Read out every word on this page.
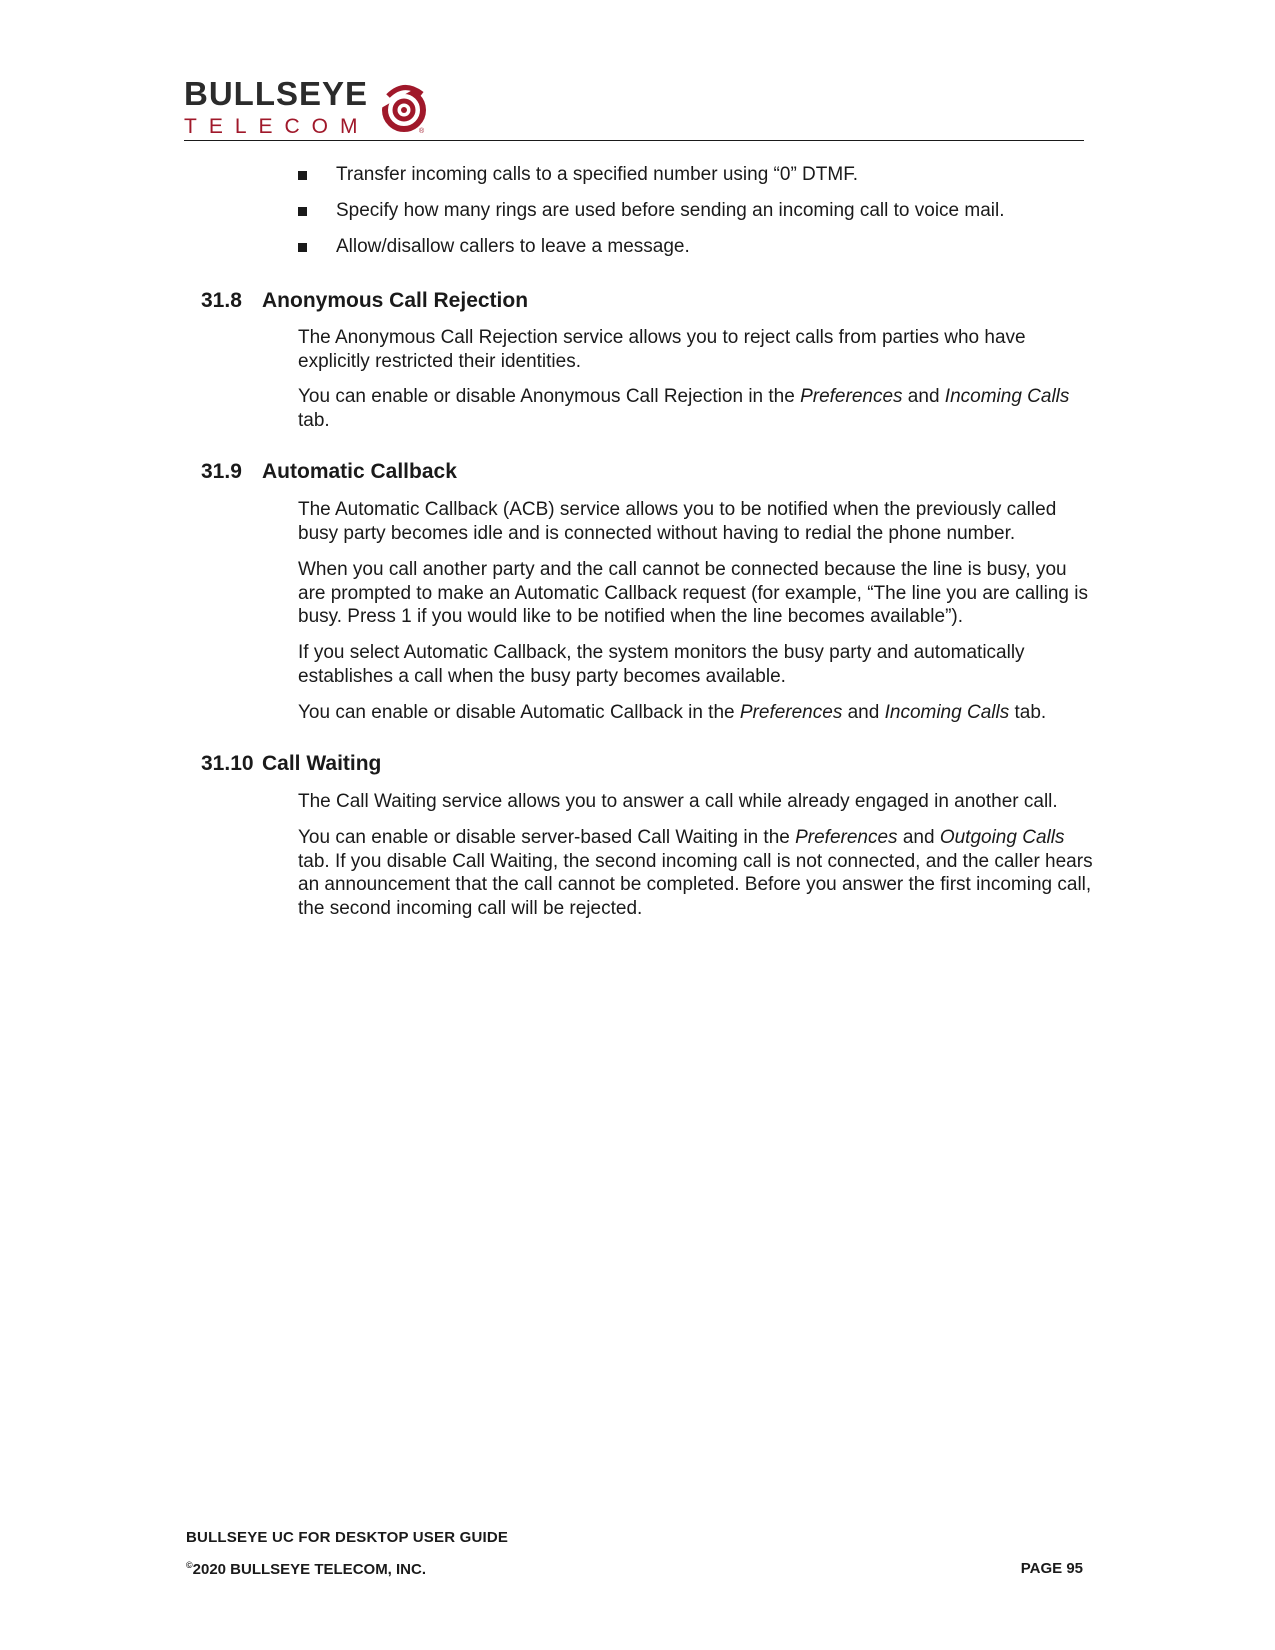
BULLSEYE
TELECOM	®
Transfer incoming calls to a specified number using “0” DTMF.
Specify how many rings are used before sending an incoming call to voice mail.
Allow/disallow callers to leave a message.
31.8 Anonymous Call Rejection

The Anonymous Call Rejection service allows you to reject calls from parties who have explicitly restricted their identities.

You can enable or disable Anonymous Call Rejection in the Preferences and Incoming Calls tab.

31.9 Automatic Callback

The Automatic Callback (ACB) service allows you to be notified when the previously called busy party becomes idle and is connected without having to redial the phone number.

When you call another party and the call cannot be connected because the line is busy, you are prompted to make an Automatic Callback request (for example, “The line you are calling is busy. Press 1 if you would like to be notified when the line becomes available”).

If you select Automatic Callback, the system monitors the busy party and automatically establishes a call when the busy party becomes available.

You can enable or disable Automatic Callback in the Preferences and Incoming Calls tab.

31.10 Call Waiting

The Call Waiting service allows you to answer a call while already engaged in another call.

You can enable or disable server-based Call Waiting in the Preferences and Outgoing Calls tab. If you disable Call Waiting, the second incoming call is not connected, and the caller hears an announcement that the call cannot be completed. Before you answer the first incoming call, the second incoming call will be rejected.

BULLSEYE UC FOR DESKTOP USER GUIDE
©2020 BULLSEYE TELECOM, INC.	PAGE 95
